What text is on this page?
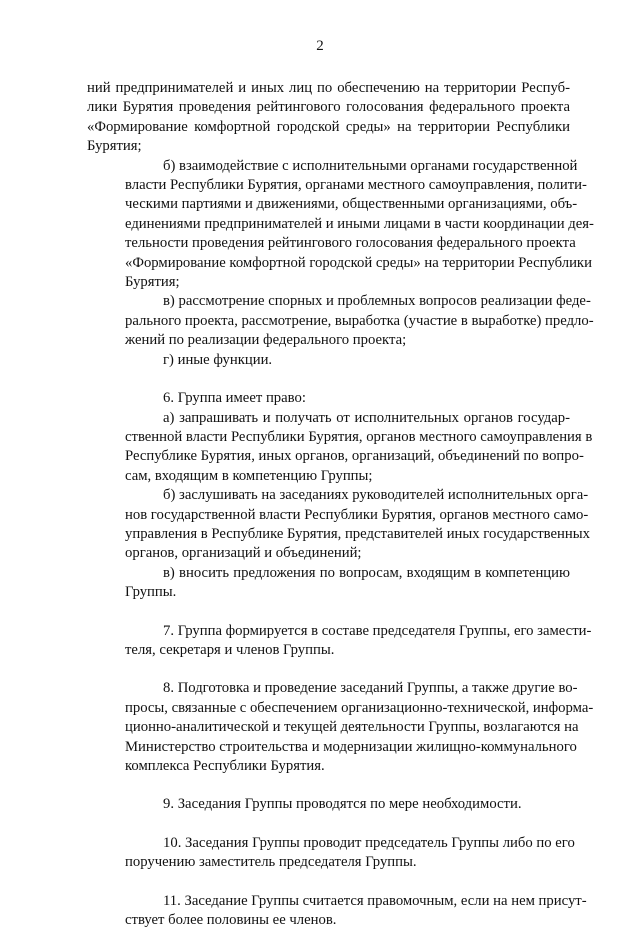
2
ний предпринимателей и иных лиц по обеспечению на территории Респуб-
лики Бурятия проведения рейтингового голосования федерального проекта
«Формирование комфортной городской среды» на территории Республики
Бурятия;
б) взаимодействие с исполнительными органами государственной
власти Республики Бурятия, органами местного самоуправления, полити-
ческими партиями и движениями, общественными организациями, объ-
единениями предпринимателей и иными лицами в части координации дея-
тельности проведения рейтингового голосования федерального проекта
«Формирование комфортной городской среды» на территории Республики
Бурятия;
в) рассмотрение спорных и проблемных вопросов реализации феде-
рального проекта, рассмотрение, выработка (участие в выработке) предло-
жений по реализации федерального проекта;
г) иные функции.
6. Группа имеет право:
а) запрашивать и получать от исполнительных органов государ-
ственной власти Республики Бурятия, органов местного самоуправления в
Республике Бурятия, иных органов, организаций, объединений по вопро-
сам, входящим в компетенцию Группы;
б) заслушивать на заседаниях руководителей исполнительных орга-
нов государственной власти Республики Бурятия, органов местного само-
управления в Республике Бурятия, представителей иных государственных
органов, организаций и объединений;
в) вносить предложения по вопросам, входящим в компетенцию
Группы.
7. Группа формируется в составе председателя Группы, его замести-
теля, секретаря и членов Группы.
8. Подготовка и проведение заседаний Группы, а также другие во-
просы, связанные с обеспечением организационно-технической, информа-
ционно-аналитической и текущей деятельности Группы, возлагаются на
Министерство строительства и модернизации жилищно-коммунального
комплекса Республики Бурятия.
9. Заседания Группы проводятся по мере необходимости.
10. Заседания Группы проводит председатель Группы либо по его
поручению заместитель председателя Группы.
11. Заседание Группы считается правомочным, если на нем присут-
ствует более половины ее членов.
